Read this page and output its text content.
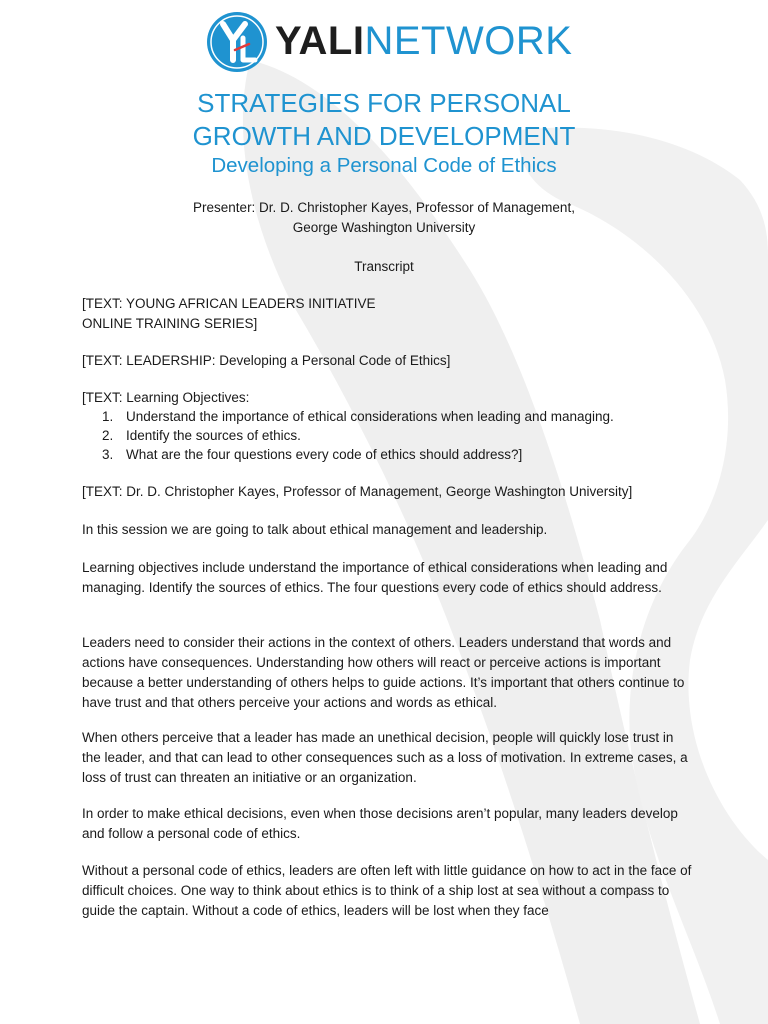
YALINETWORK
STRATEGIES FOR PERSONAL
GROWTH AND DEVELOPMENT
Developing a Personal Code of Ethics
Presenter: Dr. D. Christopher Kayes, Professor of Management,
George Washington University
Transcript
[TEXT: YOUNG AFRICAN LEADERS INITIATIVE
ONLINE TRAINING SERIES]
[TEXT: LEADERSHIP: Developing a Personal Code of Ethics]
[TEXT: Learning Objectives:
1. Understand the importance of ethical considerations when leading and managing.
2. Identify the sources of ethics.
3. What are the four questions every code of ethics should address?]
[TEXT: Dr. D. Christopher Kayes, Professor of Management, George Washington University]

In this session we are going to talk about ethical management and leadership.

Learning objectives include understand the importance of ethical considerations when leading and managing. Identify the sources of ethics. The four questions every code of ethics should address.

Leaders need to consider their actions in the context of others. Leaders understand that words and actions have consequences. Understanding how others will react or perceive actions is important because a better understanding of others helps to guide actions. It’s important that others continue to have trust and that others perceive your actions and words as ethical.

When others perceive that a leader has made an unethical decision, people will quickly lose trust in the leader, and that can lead to other consequences such as a loss of motivation. In extreme cases, a loss of trust can threaten an initiative or an organization.

In order to make ethical decisions, even when those decisions aren’t popular, many leaders develop and follow a personal code of ethics.

Without a personal code of ethics, leaders are often left with little guidance on how to act in the face of difficult choices. One way to think about ethics is to think of a ship lost at sea without a compass to guide the captain. Without a code of ethics, leaders will be lost when they face
